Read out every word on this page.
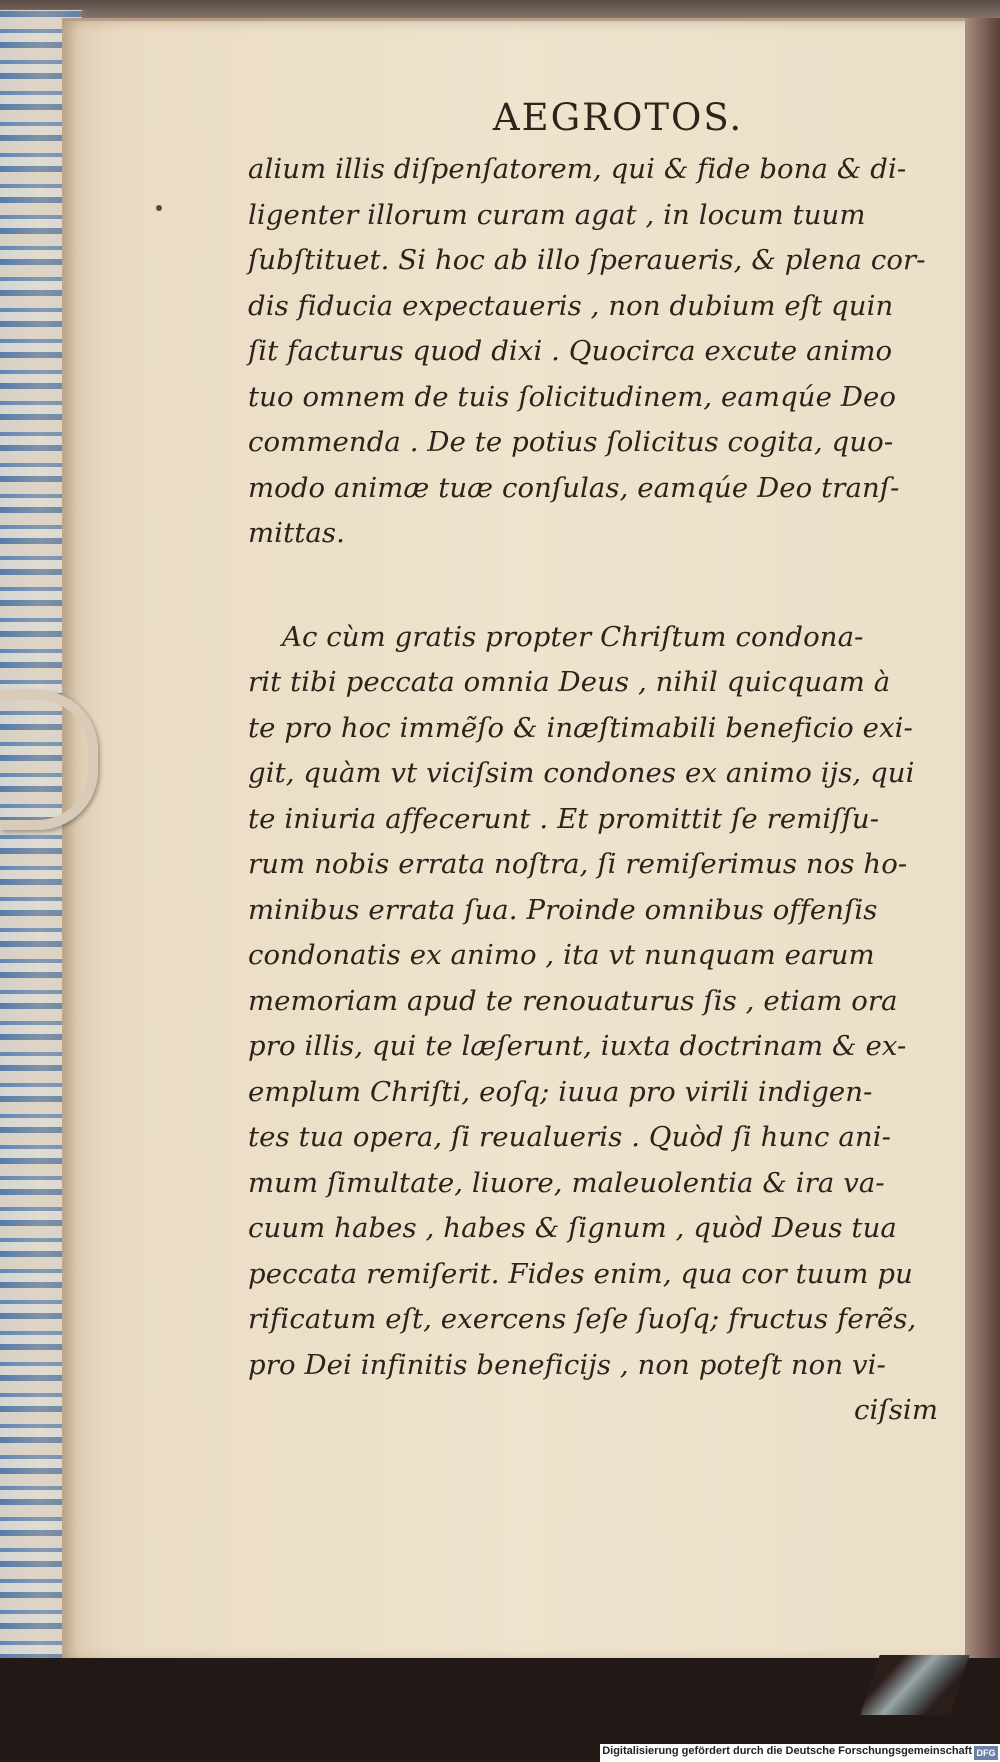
AEGROTOS.
alium illis diſpenſatorem, qui & fide bona & di-
ligenter illorum curam agat , in locum tuum
ſubſtituet. Si hoc ab illo ſperaueris, & plena cor-
dis fiducia expectaueris , non dubium eſt quin
ſit facturus quod dixi . Quocirca excute animo
tuo omnem de tuis ſolicitudinem, eamqúe Deo
commenda . De te potius ſolicitus cogita, quo-
modo animæ tuæ conſulas, eamqúe Deo tranſ-
mittas.
Ac cùm gratis propter Chriſtum condona-
rit tibi peccata omnia Deus , nihil quicquam à
te pro hoc immẽſo & inæſtimabili beneficio exi-
git, quàm vt viciſsim condones ex animo ijs, qui
te iniuria affecerunt . Et promittit ſe remiſſu-
rum nobis errata noſtra, ſi remiſerimus nos ho-
minibus errata ſua. Proinde omnibus offenſis
condonatis ex animo , ita vt nunquam earum
memoriam apud te renouaturus ſis , etiam ora
pro illis, qui te læſerunt, iuxta doctrinam & ex-
emplum Chriſti, eoſq; iuua pro virili indigen-
tes tua opera, ſi reualueris . Quòd ſi hunc ani-
mum ſimultate, liuore, maleuolentia & ira va-
cuum habes , habes & ſignum , quòd Deus tua
peccata remiſerit. Fides enim, qua cor tuum pu
rificatum eſt, exercens ſeſe ſuoſq; fructus ferẽs,
pro Dei infinitis beneficijs , non poteſt non vi-
ciſsim
Digitalisierung gefördert durch die Deutsche Forschungsgemeinschaft DFG
